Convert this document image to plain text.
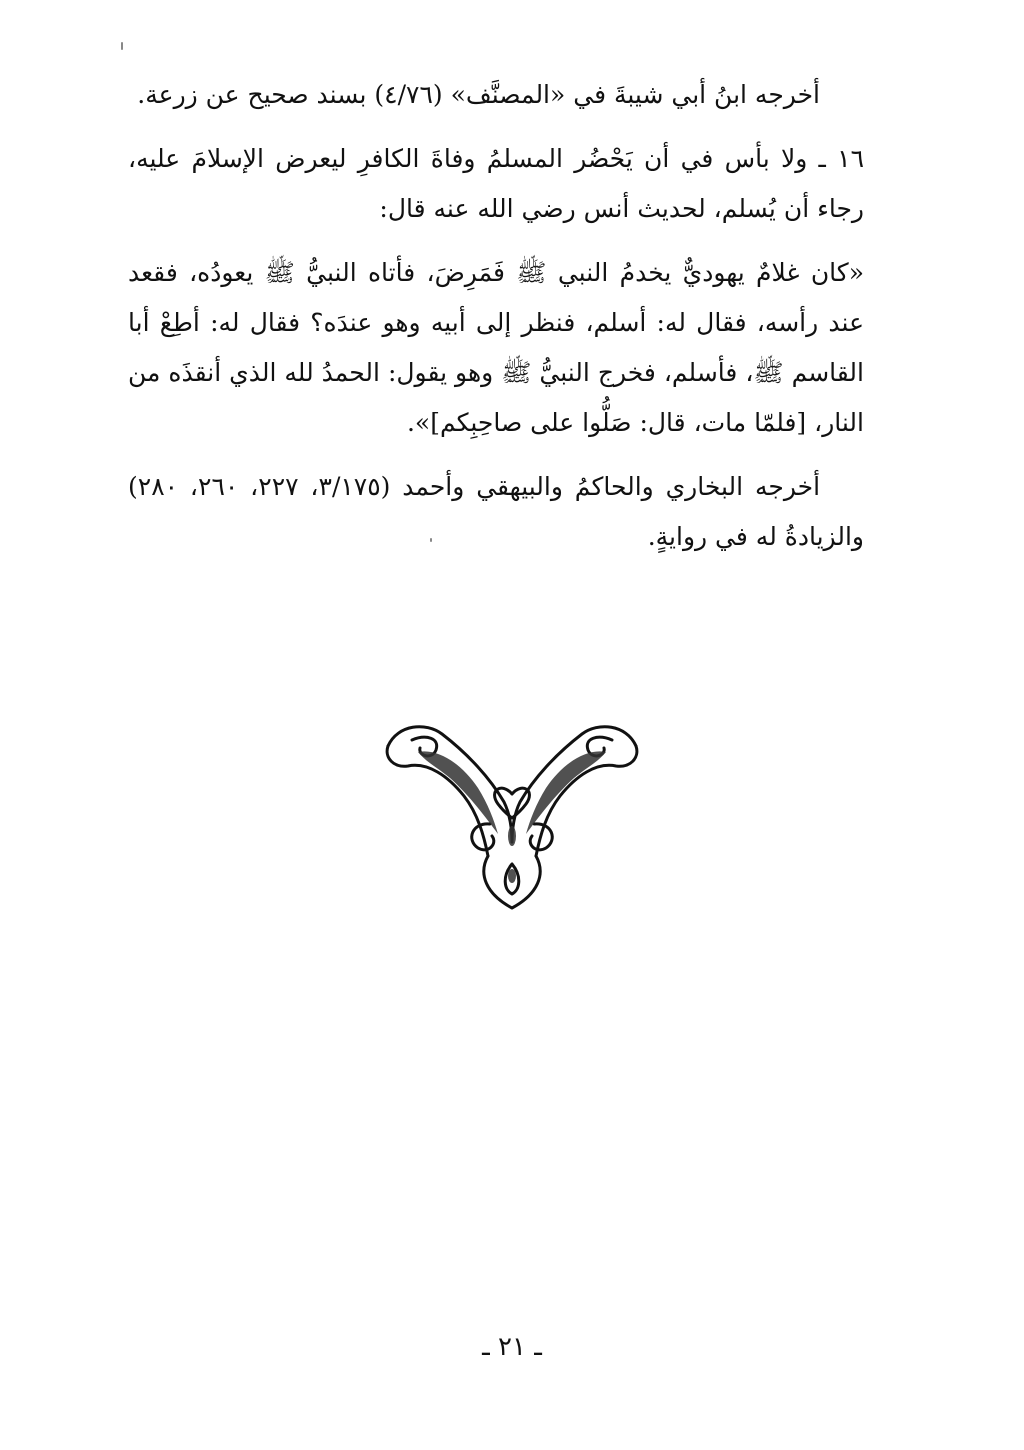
أخرجه ابنُ أبي شيبةَ في «المصنَّف» (٤/٧٦) بسند صحيح عن زرعة.

١٦ ـ ولا بأس في أن يَحْضُر المسلمُ وفاةَ الكافرِ ليعرض الإسلامَ عليه، رجاء أن يُسلم، لحديث أنس رضي الله عنه قال:

«كان غلامٌ يهوديٌّ يخدمُ النبي ﷺ فَمَرِضَ، فأتاه النبيُّ ﷺ يعودُه، فقعد عند رأسه، فقال له: أسلم، فنظر إلى أبيه وهو عندَه؟ فقال له: أطِعْ أبا القاسم ﷺ، فأسلم، فخرج النبيُّ ﷺ وهو يقول: الحمدُ لله الذي أنقذَه من النار، [فلمّا مات، قال: صَلُّوا على صاحِبِكم]».

أخرجه البخاري والحاكمُ والبيهقي وأحمد (٣/١٧٥، ٢٢٧، ٢٦٠، ٢٨٠) والزيادةُ له في روايةٍ.

ـ ٢١ ـ
